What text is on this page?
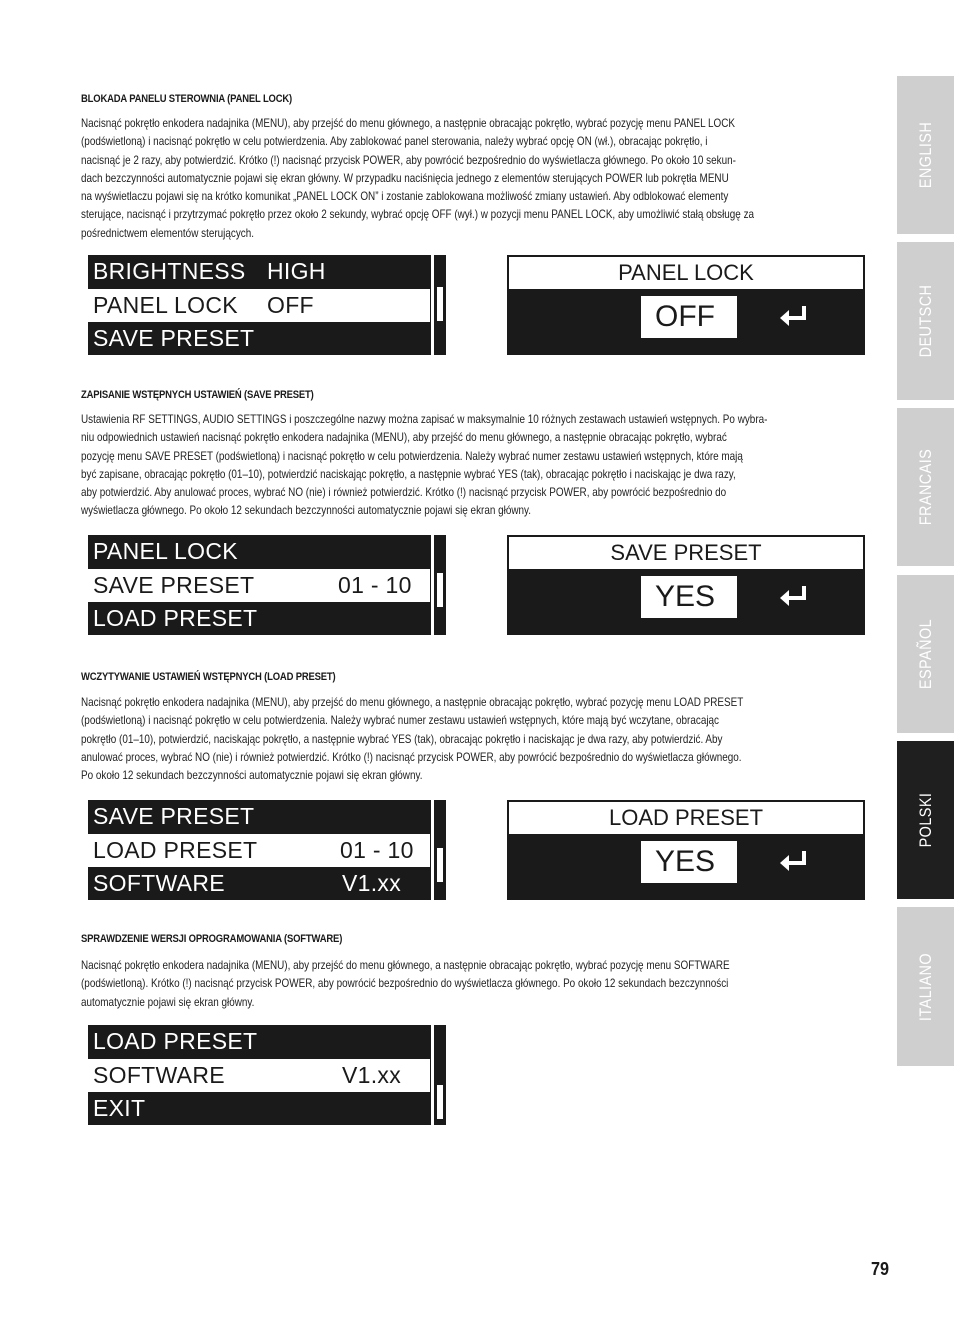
BLOKADA PANELU STEROWNIA (PANEL LOCK)

Nacisnąć pokrętło enkodera nadajnika (MENU), aby przejść do menu głównego, a następnie obracając pokrętło, wybrać pozycję menu PANEL LOCK
(podświetloną) i nacisnąć pokrętło w celu potwierdzenia. Aby zablokować panel sterowania, należy wybrać opcję ON (wł.), obracając pokrętło, i
nacisnąć je 2 razy, aby potwierdzić. Krótko (!) nacisnąć przycisk POWER, aby powrócić bezpośrednio do wyświetlacza głównego. Po około 10 sekun-
dach bezczynności automatycznie pojawi się ekran główny. W przypadku naciśnięcia jednego z elementów sterujących POWER lub pokrętła MENU
na wyświetlaczu pojawi się na krótko komunikat „PANEL LOCK ON” i zostanie zablokowana możliwość zmiany ustawień. Aby odblokować elementy
sterujące, nacisnąć i przytrzymać pokrętło przez około 2 sekundy, wybrać opcję OFF (wył.) w pozycji menu PANEL LOCK, aby umożliwić stałą obsługę za
pośrednictwem elementów sterujących.

BRIGHTNESS HIGH
PANEL LOCK OFF
SAVE PRESET
PANEL LOCK
OFF
ZAPISANIE WSTĘPNYCH USTAWIEŃ (SAVE PRESET)

Ustawienia RF SETTINGS, AUDIO SETTINGS i poszczególne nazwy można zapisać w maksymalnie 10 różnych zestawach ustawień wstępnych. Po wybra-
niu odpowiednich ustawień nacisnąć pokrętło enkodera nadajnika (MENU), aby przejść do menu głównego, a następnie obracając pokrętło, wybrać
pozycję menu SAVE PRESET (podświetloną) i nacisnąć pokrętło w celu potwierdzenia. Należy wybrać numer zestawu ustawień wstępnych, które mają
być zapisane, obracając pokrętło (01–10), potwierdzić naciskając pokrętło, a następnie wybrać YES (tak), obracając pokrętło i naciskając je dwa razy,
aby potwierdzić. Aby anulować proces, wybrać NO (nie) i również potwierdzić. Krótko (!) nacisnąć przycisk POWER, aby powrócić bezpośrednio do
wyświetlacza głównego. Po około 12 sekundach bezczynności automatycznie pojawi się ekran główny.

PANEL LOCK
SAVE PRESET	01 - 10
LOAD PRESET
SAVE PRESET
YES
WCZYTYWANIE USTAWIEŃ WSTĘPNYCH (LOAD PRESET)

Nacisnąć pokrętło enkodera nadajnika (MENU), aby przejść do menu głównego, a następnie obracając pokrętło, wybrać pozycję menu LOAD PRESET
(podświetloną) i nacisnąć pokrętło w celu potwierdzenia. Należy wybrać numer zestawu ustawień wstępnych, które mają być wczytane, obracając
pokrętło (01–10), potwierdzić, naciskając pokrętło, a następnie wybrać YES (tak), obracając pokrętło i naciskając je dwa razy, aby potwierdzić. Aby
anulować proces, wybrać NO (nie) i również potwierdzić. Krótko (!) nacisnąć przycisk POWER, aby powrócić bezpośrednio do wyświetlacza głównego.
Po około 12 sekundach bezczynności automatycznie pojawi się ekran główny.

SAVE PRESET
LOAD PRESET	01 - 10
SOFTWARE	V1.xx
LOAD PRESET
YES
SPRAWDZENIE WERSJI OPROGRAMOWANIA (SOFTWARE)

Nacisnąć pokrętło enkodera nadajnika (MENU), aby przejść do menu głównego, a następnie obracając pokrętło, wybrać pozycję menu SOFTWARE
(podświetloną). Krótko (!) nacisnąć przycisk POWER, aby powrócić bezpośrednio do wyświetlacza głównego. Po około 12 sekundach bezczynności
automatycznie pojawi się ekran główny.

LOAD PRESET
SOFTWARE	V1.xx
EXIT
ENGLISH
DEUTSCH
FRANCAIS
ESPAÑOL
POLSKI
ITALIANO
79
